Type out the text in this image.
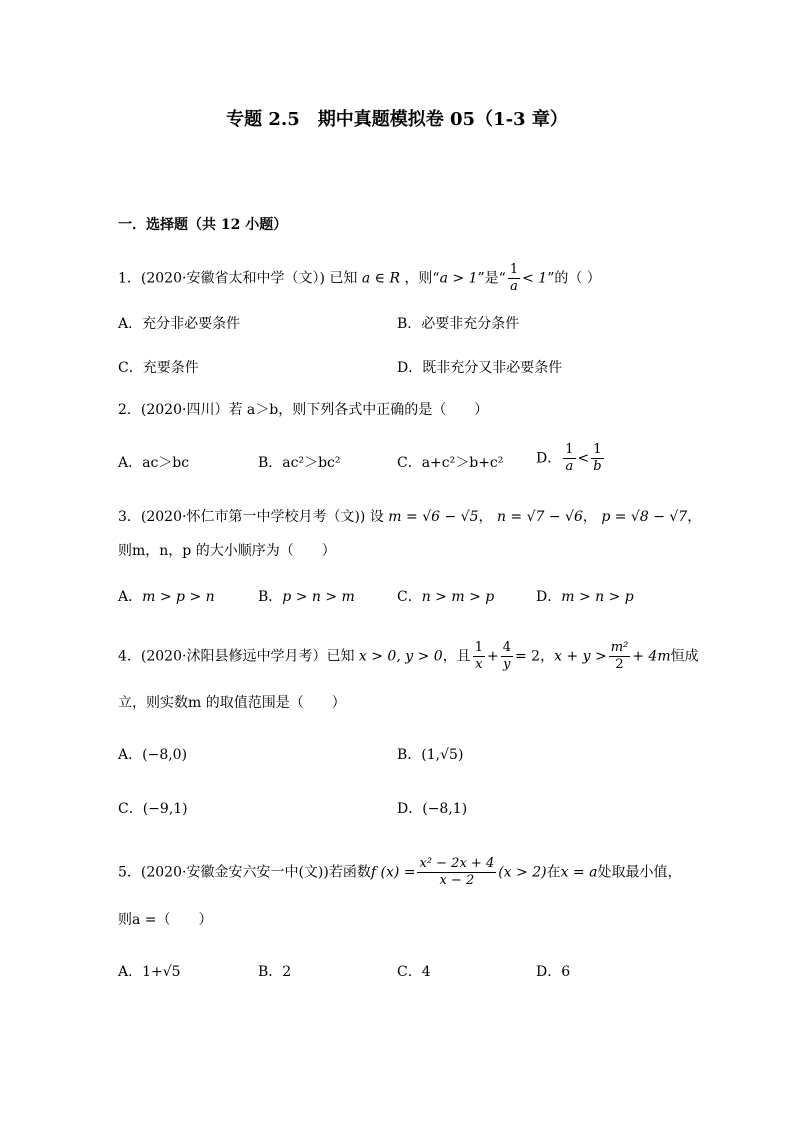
专题 2.5　期中真题模拟卷 05（1-3 章）
一．选择题（共 12 小题）
1．(2020·安徽省太和中学（文）) 已知 a ∈ R ，则“a > 1”是“ $\frac{1}{a} < 1$”的（ ）
A．充分非必要条件	B．必要非充分条件
C．充要条件	D．既非充分又非必要条件
2．(2020·四川）若 a＞b，则下列各式中正确的是（　　）
A．ac＞bc	B．ac²＞bc²	C．a+c²＞b+c² D． $\frac{1}{a} < \frac{1}{b}$
3．(2020·怀仁市第一中学校月考（文)) 设 m = √6 − √5， n = √7 − √6， p = √8 − √7，
则m，n，p 的大小顺序为（　　）
A．m > p > n	B．p > n > m	C．n > m > p	D．m > n > p
4．(2020·沭阳县修远中学月考）已知 x > 0, y > 0，且 $\frac{1}{x} + \frac{4}{y} = 2$，$x + y > \frac{\text{m²}}{2} + 4m$恒成
立，则实数m 的取值范围是（　　）
A．(−8,0)	B．(1,√5)
C．(−9,1)	D．(−8,1)
5．(2020·安徽金安六安一中(文))若函数f $(x) = \frac{\text{x² − 2x + 4}}{x - 2} (x > 2)$在x = a处取最小值，
则a =（　　）
A．1+√5	B．2	C．4	D．6
